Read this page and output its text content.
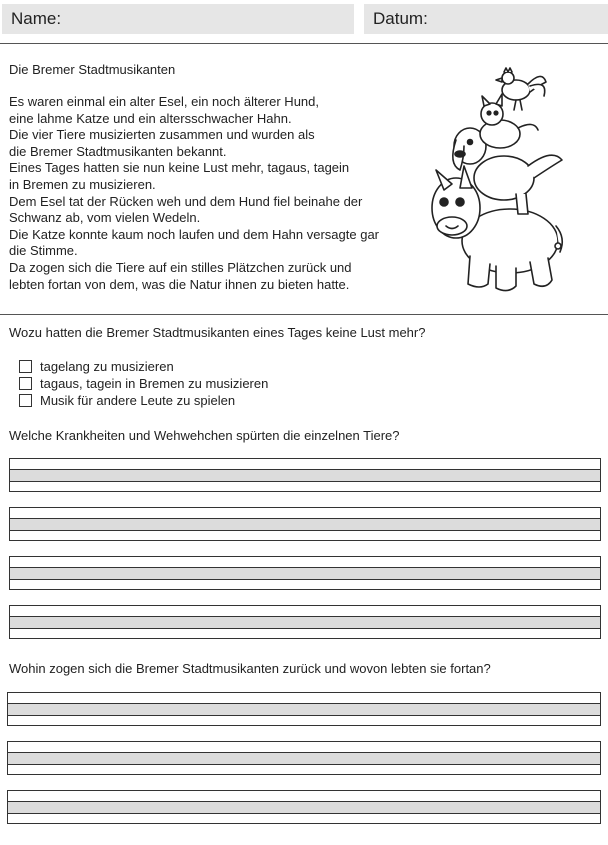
Name:	Datum:
Die Bremer Stadtmusikanten
Es waren einmal ein alter Esel, ein noch älterer Hund,
eine lahme Katze und ein altersschwacher Hahn.
Die vier Tiere musizierten zusammen und wurden als
die Bremer Stadtmusikanten bekannt.
Eines Tages hatten sie nun keine Lust mehr, tagaus, tagein
in Bremen zu musizieren.
Dem Esel tat der Rücken weh und dem Hund fiel beinahe der
Schwanz ab, vom vielen Wedeln.
Die Katze konnte kaum noch laufen und dem Hahn versagte gar
die Stimme.
Da zogen sich die Tiere auf ein stilles Plätzchen zurück und
lebten fortan von dem, was die Natur ihnen zu bieten hatte.
Wozu hatten die Bremer Stadtmusikanten eines Tages keine Lust mehr?
tagelang zu musizieren
tagaus, tagein in Bremen zu musizieren
Musik für andere Leute zu spielen
Welche Krankheiten und Wehwehchen spürten die einzelnen Tiere?
Wohin zogen sich die Bremer Stadtmusikanten zurück und wovon lebten sie fortan?
